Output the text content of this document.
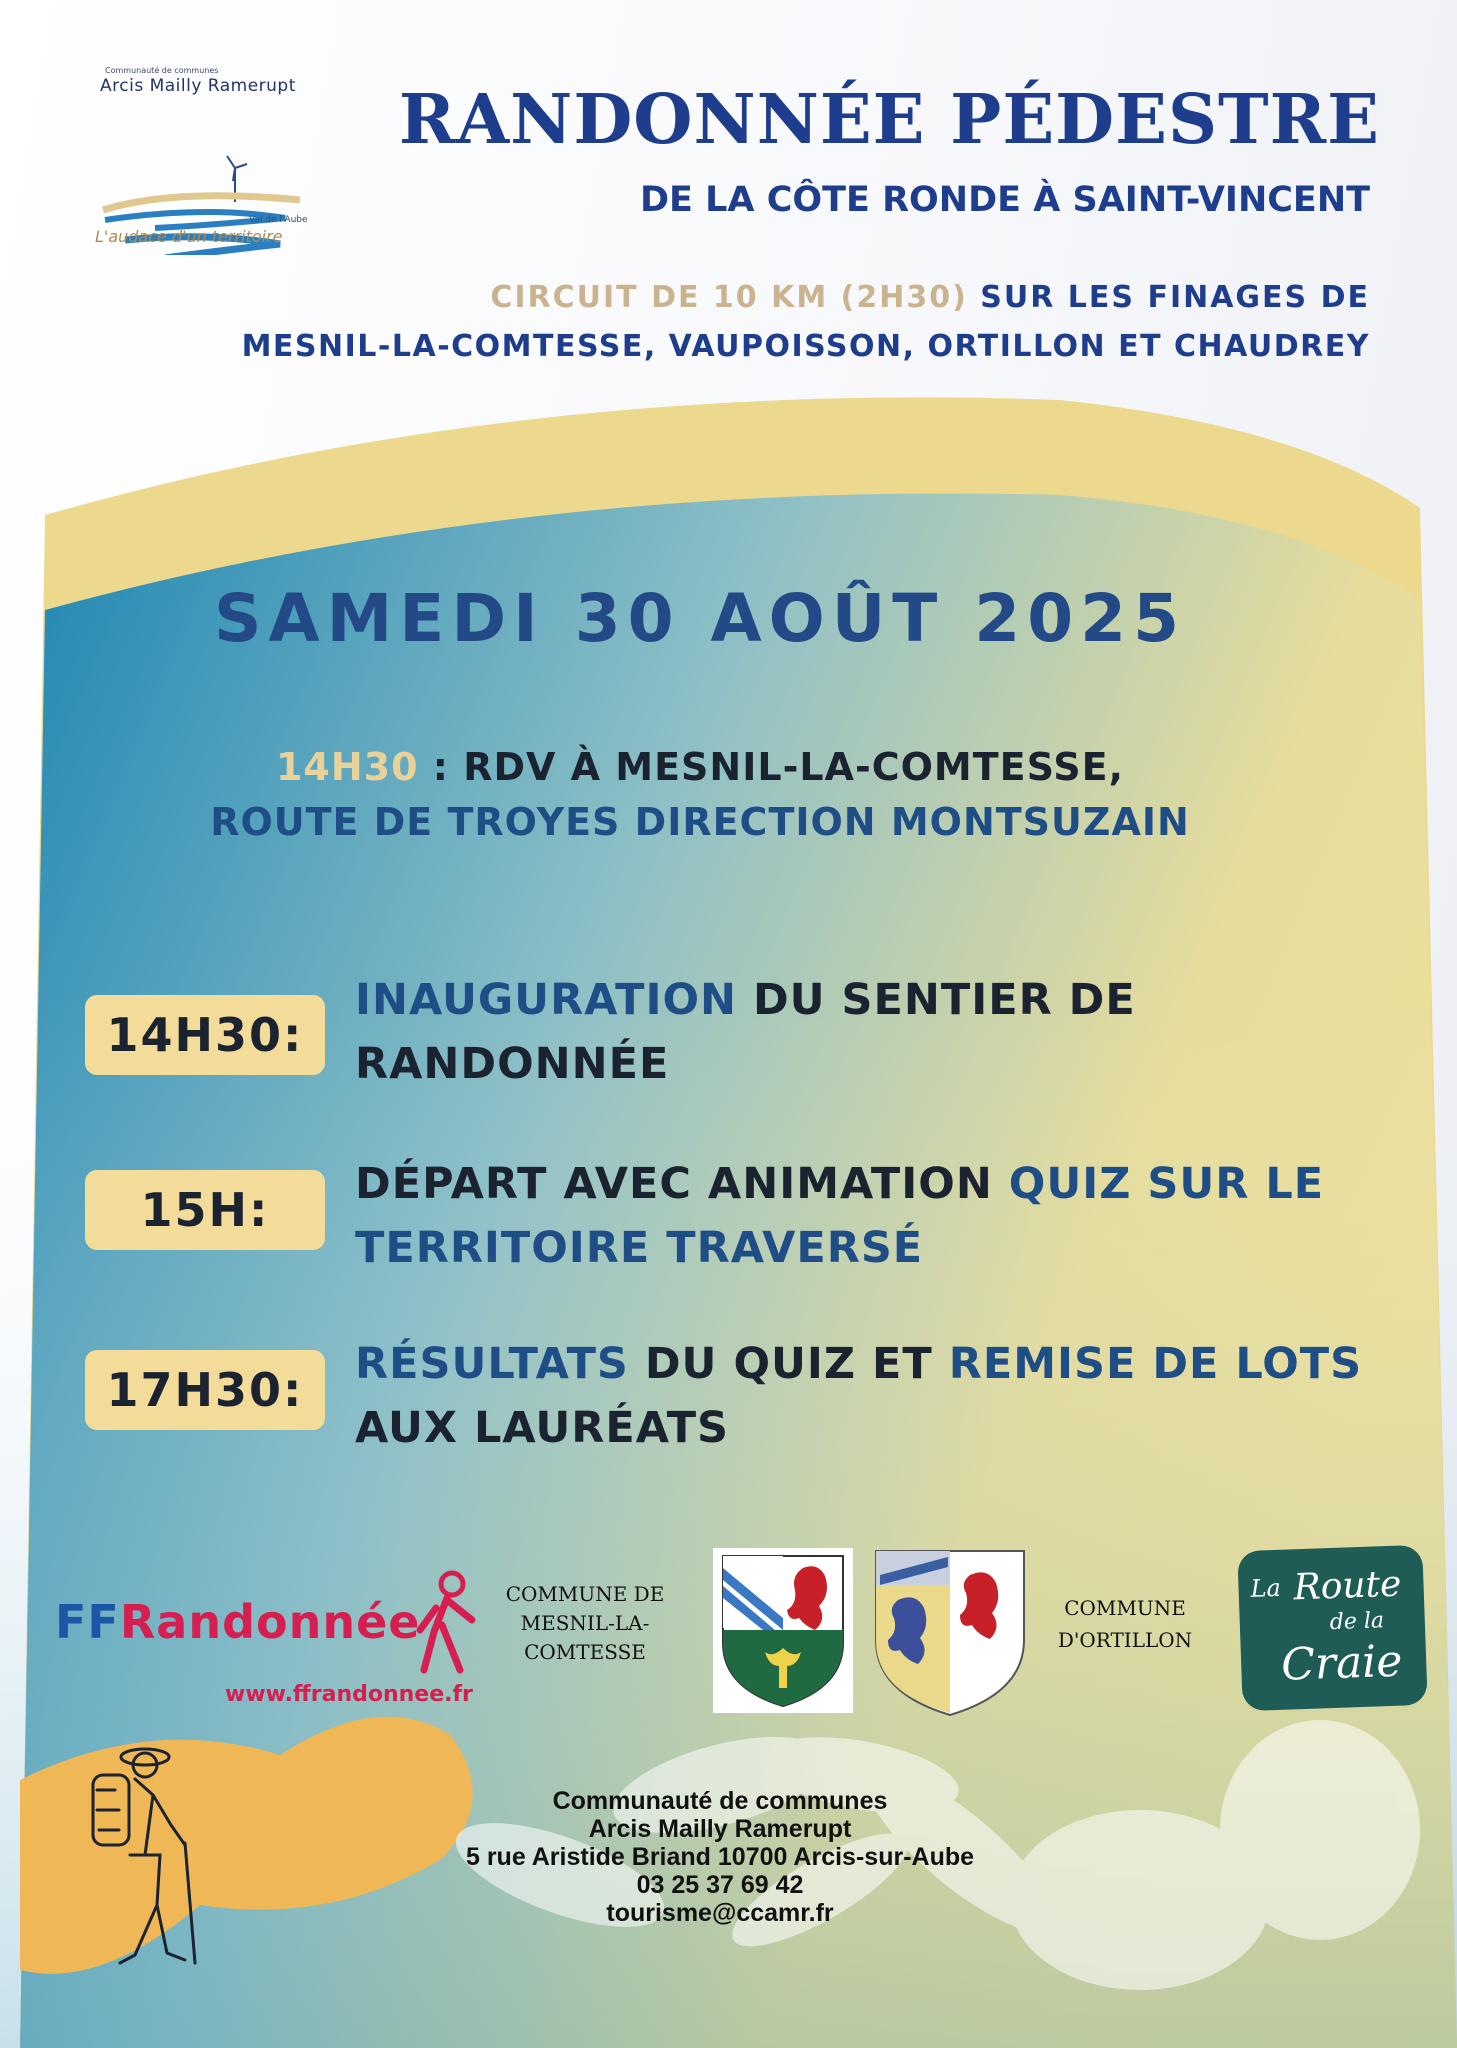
Communauté de communes
Arcis Mailly Ramerupt
Val de l'Aube
L'audace d'un territoire
RANDONNÉE PÉDESTRE
DE LA CÔTE RONDE À SAINT-VINCENT
CIRCUIT DE 10 KM (2H30) SUR LES FINAGES DE
MESNIL-LA-COMTESSE, VAUPOISSON, ORTILLON ET CHAUDREY
SAMEDI 30 AOÛT 2025
14H30 : RDV À MESNIL-LA-COMTESSE,
ROUTE DE TROYES DIRECTION MONTSUZAIN
14H30:
INAUGURATION DU SENTIER DE RANDONNÉE
15H:	DÉPART AVEC ANIMATION QUIZ SUR LE TERRITOIRE TRAVERSÉ
17H30:	RÉSULTATS DU QUIZ ET REMISE DE LOTS AUX LAURÉATS
FFRandonnée
www.ffrandonnee.fr
COMMUNE DE
MESNIL-LA-
COMTESSE
COMMUNE
D'ORTILLON
La Route
de la
Craie
Communauté de communes
Arcis Mailly Ramerupt
5 rue Aristide Briand 10700 Arcis-sur-Aube
03 25 37 69 42
tourisme@ccamr.fr
